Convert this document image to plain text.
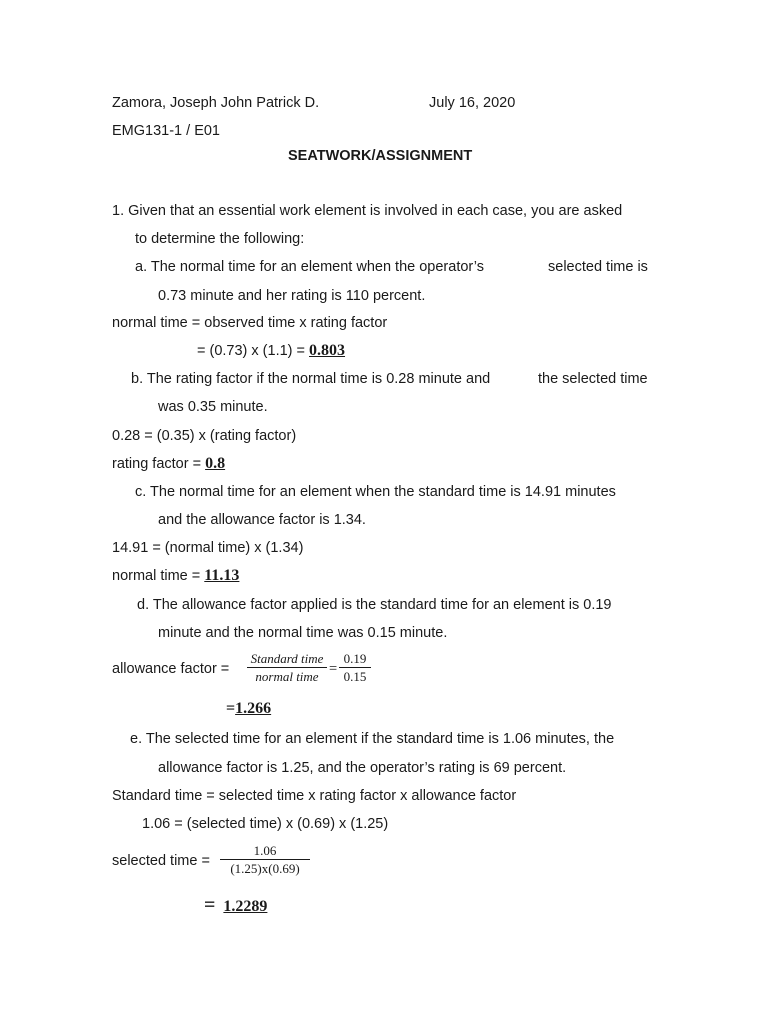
Zamora, Joseph John Patrick D.	July 16, 2020
EMG131-1 / E01
SEATWORK/ASSIGNMENT
1. Given that an essential work element is involved in each case, you are asked
to determine the following:
a. The normal time for an element when the operator’s	selected time is
0.73 minute and her rating is 110 percent.
normal time = observed time x rating factor
= (0.73) x (1.1) = 0.803
b. The rating factor if the normal time is 0.28 minute and	the selected time
was 0.35 minute.
0.28 = (0.35) x (rating factor)
rating factor = 0.8
c. The normal time for an element when the standard time is 14.91 minutes
and the allowance factor is 1.34.
14.91 = (normal time) x (1.34)
normal time = 11.13
d. The allowance factor applied is the standard time for an element is 0.19
minute and the normal time was 0.15 minute.
allowance factor =
Standard time
normal time =
0.19
0.15
=1.266
e. The selected time for an element if the standard time is 1.06 minutes, the
allowance factor is 1.25, and the operator’s rating is 69 percent.
Standard time = selected time x rating factor x allowance factor
1.06 = (selected time) x (0.69) x (1.25)
selected time =
1.06
(1.25)x(0.69)
= 1.2289
